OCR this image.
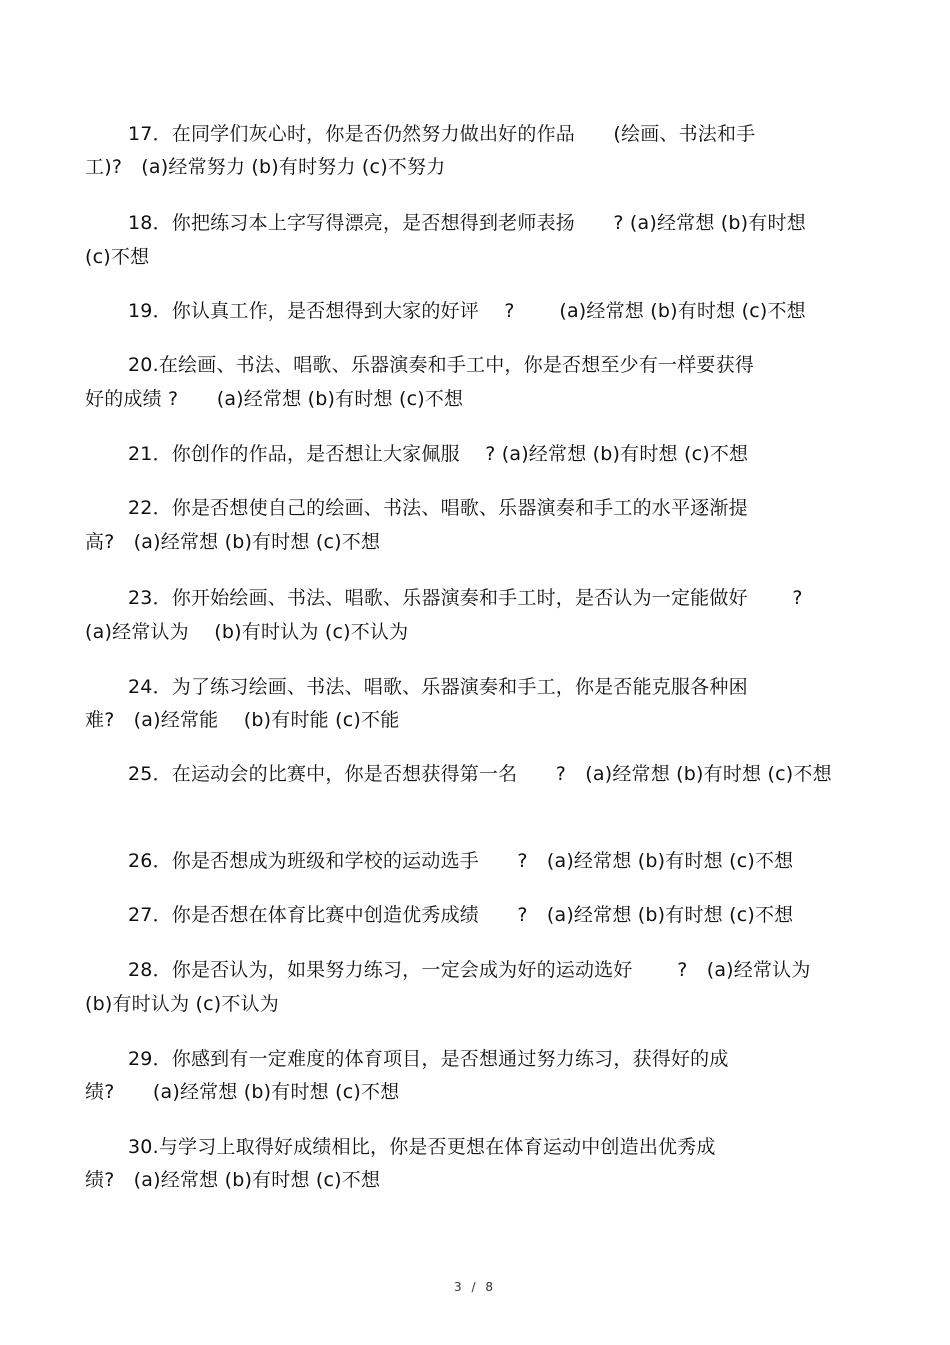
17．在同学们灰心时，你是否仍然努力做出好的作品　　(绘画、书法和手
工)?　(a)经常努力 (b)有时努力 (c)不努力
18．你把练习本上字写得漂亮，是否想得到老师表扬　　? (a)经常想 (b)有时想
(c)不想
19．你认真工作，是否想得到大家的好评　 ?　　 (a)经常想 (b)有时想 (c)不想
20.在绘画、书法、唱歌、乐器演奏和手工中，你是否想至少有一样要获得
好的成绩 ?　　(a)经常想 (b)有时想 (c)不想
21．你创作的作品，是否想让大家佩服　 ? (a)经常想 (b)有时想 (c)不想
22．你是否想使自己的绘画、书法、唱歌、乐器演奏和手工的水平逐渐提
高?　(a)经常想 (b)有时想 (c)不想
23．你开始绘画、书法、唱歌、乐器演奏和手工时，是否认为一定能做好　　 ?
(a)经常认为　 (b)有时认为 (c)不认为
24．为了练习绘画、书法、唱歌、乐器演奏和手工，你是否能克服各种困
难?　(a)经常能　 (b)有时能 (c)不能
25．在运动会的比赛中，你是否想获得第一名　　?　(a)经常想 (b)有时想 (c)不想
26．你是否想成为班级和学校的运动选手　　?　(a)经常想 (b)有时想 (c)不想
27．你是否想在体育比赛中创造优秀成绩　　?　(a)经常想 (b)有时想 (c)不想
28．你是否认为，如果努力练习，一定会成为好的运动选好　　 ?　(a)经常认为
(b)有时认为 (c)不认为
29．你感到有一定难度的体育项目，是否想通过努力练习，获得好的成
绩?　　(a)经常想 (b)有时想 (c)不想
30.与学习上取得好成绩相比，你是否更想在体育运动中创造出优秀成
绩?　(a)经常想 (b)有时想 (c)不想
3 / 8
